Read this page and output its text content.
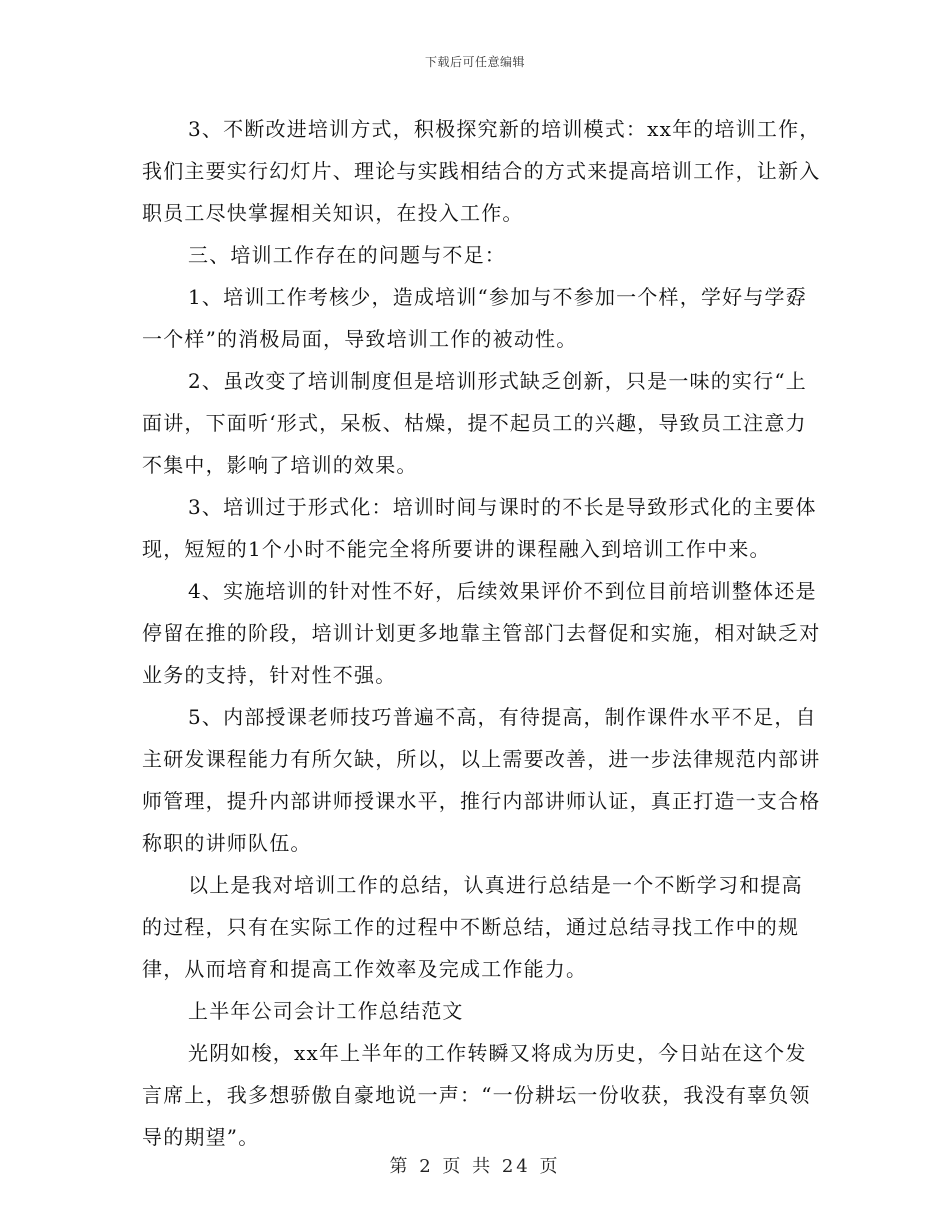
下载后可任意编辑

3、不断改进培训方式，积极探究新的培训模式：xx年的培训工作，我们主要实行幻灯片、理论与实践相结合的方式来提高培训工作，让新入职员工尽快掌握相关知识，在投入工作。

三、培训工作存在的问题与不足：

1、培训工作考核少，造成培训“参加与不参加一个样，学好与学孬一个样”的消极局面，导致培训工作的被动性。

2、虽改变了培训制度但是培训形式缺乏创新，只是一味的实行“上面讲，下面听‘形式，呆板、枯燥，提不起员工的兴趣，导致员工注意力不集中，影响了培训的效果。

3、培训过于形式化：培训时间与课时的不长是导致形式化的主要体现，短短的1个小时不能完全将所要讲的课程融入到培训工作中来。

4、实施培训的针对性不好，后续效果评价不到位目前培训整体还是停留在推的阶段，培训计划更多地靠主管部门去督促和实施，相对缺乏对业务的支持，针对性不强。

5、内部授课老师技巧普遍不高，有待提高，制作课件水平不足，自主研发课程能力有所欠缺，所以，以上需要改善，进一步法律规范内部讲师管理，提升内部讲师授课水平，推行内部讲师认证，真正打造一支合格称职的讲师队伍。

以上是我对培训工作的总结，认真进行总结是一个不断学习和提高的过程，只有在实际工作的过程中不断总结，通过总结寻找工作中的规律，从而培育和提高工作效率及完成工作能力。

上半年公司会计工作总结范文

光阴如梭，xx年上半年的工作转瞬又将成为历史，今日站在这个发言席上，我多想骄傲自豪地说一声：“一份耕坛一份收获，我没有辜负领导的期望”。

第 2 页 共 24 页
